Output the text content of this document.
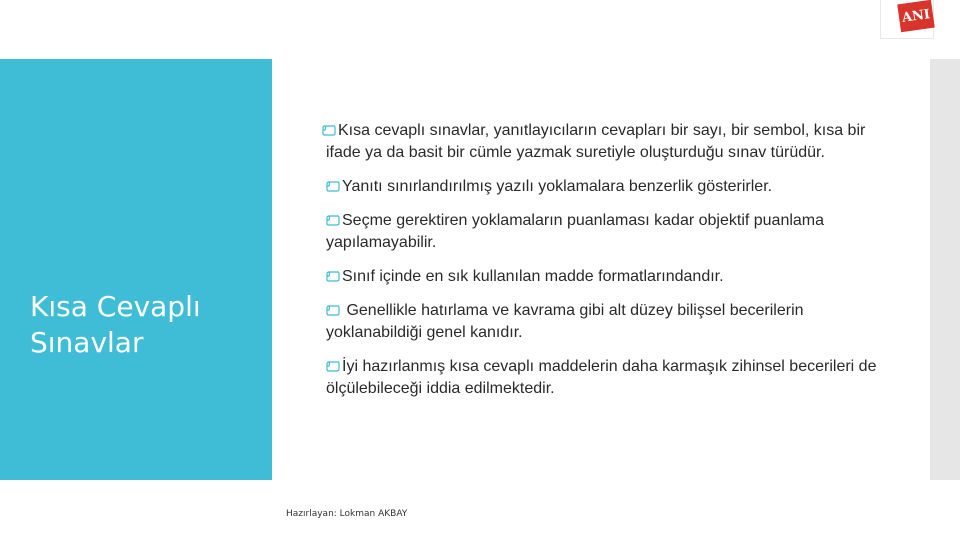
Kısa Cevaplı Sınavlar
ANI
Kısa cevaplı sınavlar, yanıtlayıcıların cevapları bir sayı, bir sembol, kısa bir ifade ya da basit bir cümle yazmak suretiyle oluşturduğu sınav türüdür.
Yanıtı sınırlandırılmış yazılı yoklamalara benzerlik gösterirler.
Seçme gerektiren yoklamaların puanlaması kadar objektif puanlama yapılamayabilir.
Sınıf içinde en sık kullanılan madde formatlarındandır.
Genellikle hatırlama ve kavrama gibi alt düzey bilişsel becerilerin yoklanabildiği genel kanıdır.
İyi hazırlanmış kısa cevaplı maddelerin daha karmaşık zihinsel becerileri de ölçülebileceği iddia edilmektedir.
Hazırlayan: Lokman AKBAY
